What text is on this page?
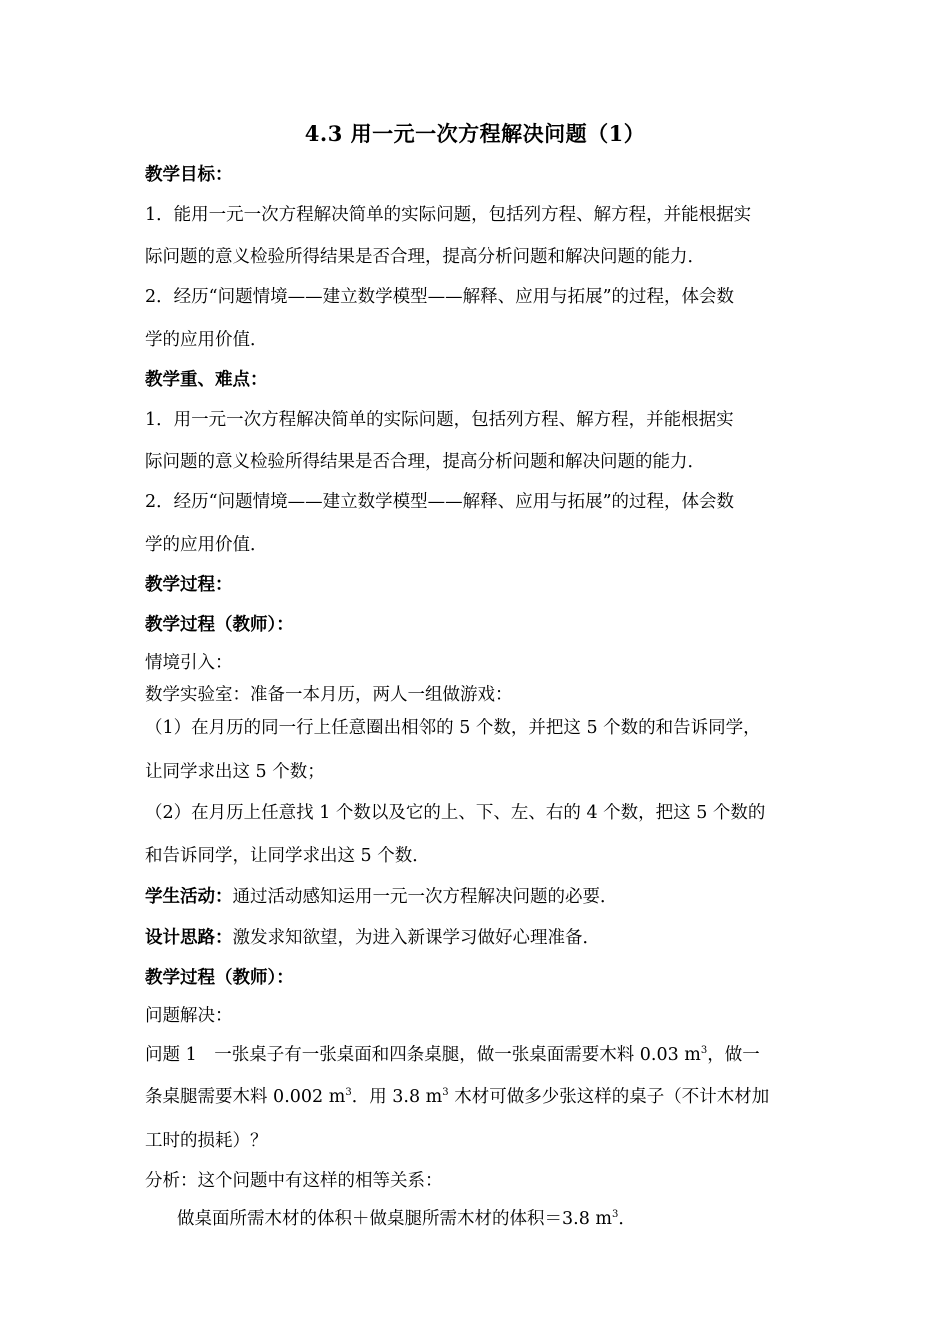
4.3 用一元一次方程解决问题（1）
教学目标：
1．能用一元一次方程解决简单的实际问题，包括列方程、解方程，并能根据实
际问题的意义检验所得结果是否合理，提高分析问题和解决问题的能力．
2．经历“问题情境——建立数学模型——解释、应用与拓展”的过程，体会数
学的应用价值．
教学重、难点：
1．用一元一次方程解决简单的实际问题，包括列方程、解方程，并能根据实
际问题的意义检验所得结果是否合理，提高分析问题和解决问题的能力．
2．经历“问题情境——建立数学模型——解释、应用与拓展”的过程，体会数
学的应用价值．
教学过程：
教学过程（教师）：
情境引入：
数学实验室：准备一本月历，两人一组做游戏：
（1）在月历的同一行上任意圈出相邻的 5 个数，并把这 5 个数的和告诉同学，
让同学求出这 5 个数；
（2）在月历上任意找 1 个数以及它的上、下、左、右的 4 个数，把这 5 个数的
和告诉同学，让同学求出这 5 个数．
学生活动：通过活动感知运用一元一次方程解决问题的必要．
设计思路：激发求知欲望，为进入新课学习做好心理准备．
教学过程（教师）：
问题解决：
问题 1　一张桌子有一张桌面和四条桌腿，做一张桌面需要木料 0.03 $m^3$，做一
条桌腿需要木料 0.002 $m^3$．用 3.8 $m^3$ 木材可做多少张这样的桌子（不计木材加
工时的损耗）？
分析：这个问题中有这样的相等关系：
做桌面所需木材的体积＋做桌腿所需木材的体积＝3.8 $m^3$．
